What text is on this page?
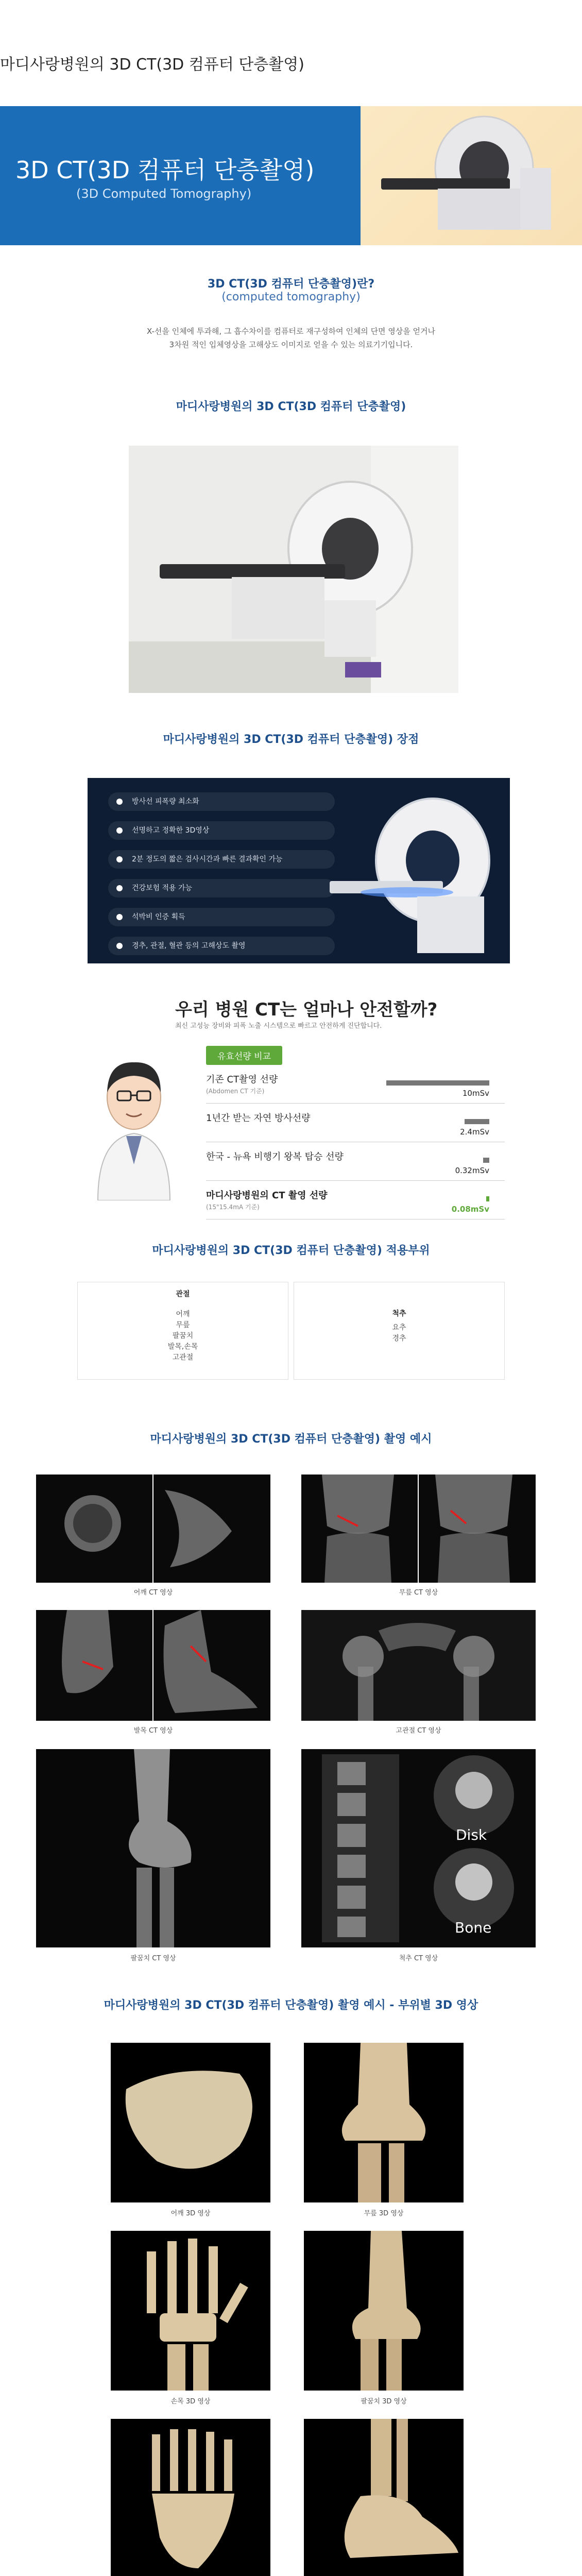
마디사랑병원의 3D CT(3D 컴퓨터 단층촬영)
3D CT(3D 컴퓨터 단층촬영)
(3D Computed Tomography)
3D CT(3D 컴퓨터 단층촬영)란?
(computed tomography)
X-선을 인체에 투과해, 그 흡수차이를 컴퓨터로 재구성하여 인체의 단면 영상을 얻거나
3차원 적인 입체영상을 고해상도 이미지로 얻을 수 있는 의료기기입니다.
마디사랑병원의 3D CT(3D 컴퓨터 단층촬영)
마디사랑병원의 3D CT(3D 컴퓨터 단층촬영) 장점
방사선 피폭량 최소화
선명하고 정확한 3D영상
2분 정도의 짧은 검사시간과 빠른 결과확인 가능
건강보험 적용 가능
석박비 인증 획득
경추, 관절, 혈관 등의 고해상도 촬영
우리 병원 CT는 얼마나 안전할까?
최신 고성능 장비와 피폭 노출 시스템으로 빠르고 안전하게 진단합니다.
유효선량 비교
기존 CT촬영 선량
(Abdomen CT 기준)	10mSv
1년간 받는 자연 방사선량
2.4mSv
한국 - 뉴욕 비행기 왕복 탑승 선량
0.32mSv
마디사랑병원의 CT 촬영 선량
(15"15.4mA 기준)	0.08mSv
마디사랑병원의 3D CT(3D 컴퓨터 단층촬영) 적용부위
관절
어깨
무릎
팔꿈치
발목,손목
고관절
척추
요추
경추
마디사랑병원의 3D CT(3D 컴퓨터 단층촬영) 촬영 예시
어깨 CT 영상	무릎 CT 영상
발목 CT 영상	고관절 CT 영상
팔꿈치 CT 영상
Disk
Bone
척추 CT 영상
마디사랑병원의 3D CT(3D 컴퓨터 단층촬영) 촬영 예시 - 부위별 3D 영상
어깨 3D 영상	무릎 3D 영상
손목 3D 영상	팔꿈치 3D 영상
